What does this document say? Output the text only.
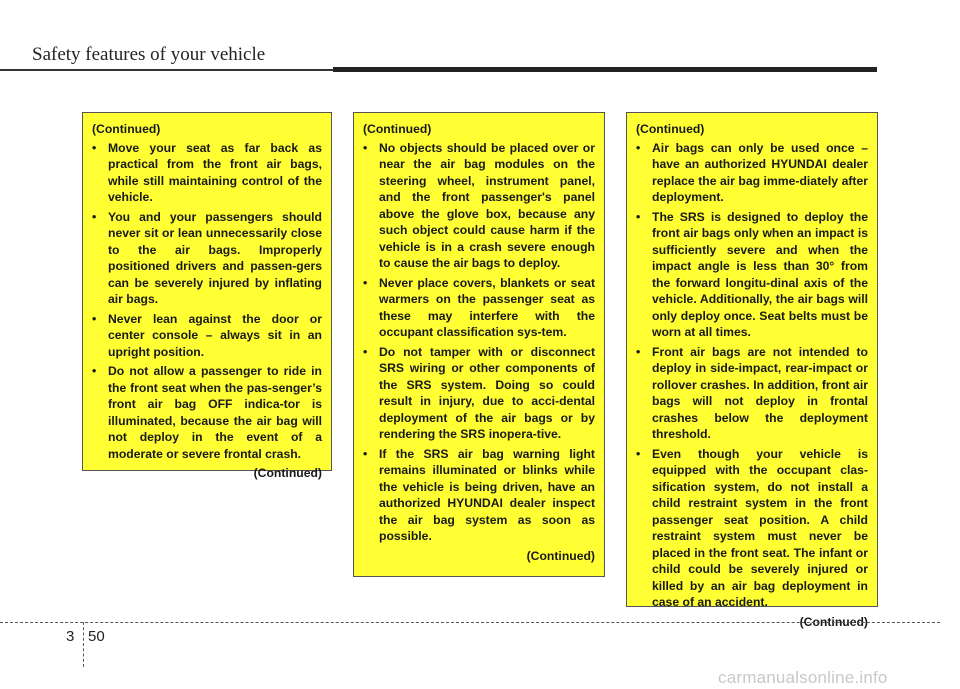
Safety features of your vehicle
(Continued)
• Move your seat as far back as practical from the front air bags, while still maintaining control of the vehicle.
• You and your passengers should never sit or lean unnecessarily close to the air bags. Improperly positioned drivers and passen-gers can be severely injured by inflating air bags.
• Never lean against the door or center console – always sit in an upright position.
• Do not allow a passenger to ride in the front seat when the pas-senger’s front air bag OFF indica-tor is illuminated, because the air bag will not deploy in the event of a moderate or severe frontal crash.
(Continued)
(Continued)
• No objects should be placed over or near the air bag modules on the steering wheel, instrument panel, and the front passenger's panel above the glove box, because any such object could cause harm if the vehicle is in a crash severe enough to cause the air bags to deploy.
• Never place covers, blankets or seat warmers on the passenger seat as these may interfere with the occupant classification sys-tem.
• Do not tamper with or disconnect SRS wiring or other components of the SRS system. Doing so could result in injury, due to acci-dental deployment of the air bags or by rendering the SRS inopera-tive.
• If the SRS air bag warning light remains illuminated or blinks while the vehicle is being driven, have an authorized HYUNDAI dealer inspect the air bag system as soon as possible.
(Continued)
(Continued)
• Air bags can only be used once – have an authorized HYUNDAI dealer replace the air bag imme-diately after deployment.
• The SRS is designed to deploy the front air bags only when an impact is sufficiently severe and when the impact angle is less than 30° from the forward longitu-dinal axis of the vehicle. Additionally, the air bags will only deploy once. Seat belts must be worn at all times.
• Front air bags are not intended to deploy in side-impact, rear-impact or rollover crashes. In addition, front air bags will not deploy in frontal crashes below the deployment threshold.
• Even though your vehicle is equipped with the occupant clas-sification system, do not install a child restraint system in the front passenger seat position. A child restraint system must never be placed in the front seat. The infant or child could be severely injured or killed by an air bag deployment in case of an accident.
(Continued)
3 50
carmanualsonline.info
